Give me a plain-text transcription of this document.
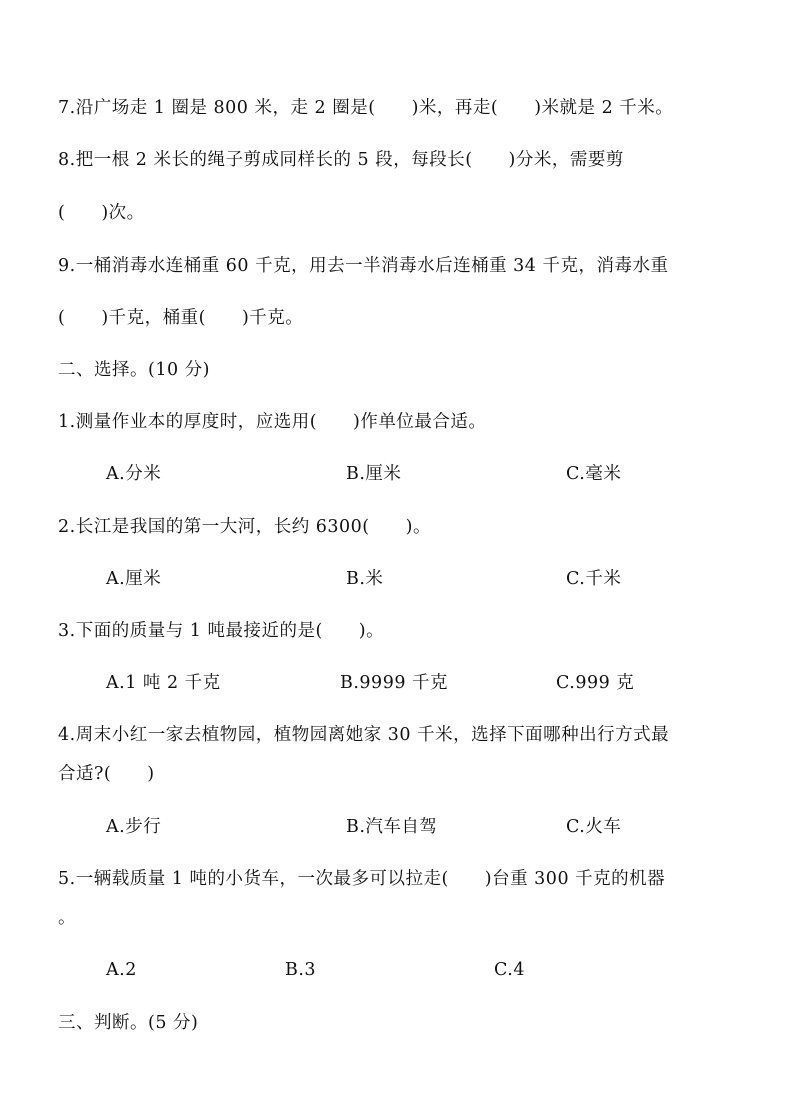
7.沿广场走 1 圈是 800 米，走 2 圈是(　　)米，再走(　　)米就是 2 千米。
8.把一根 2 米长的绳子剪成同样长的 5 段，每段长(　　)分米，需要剪
(　　)次。
9.一桶消毒水连桶重 60 千克，用去一半消毒水后连桶重 34 千克，消毒水重
(　　)千克，桶重(　　)千克。
二、选择。(10 分)
1.测量作业本的厚度时，应选用(　　)作单位最合适。
A.分米	B.厘米	C.毫米
2.长江是我国的第一大河，长约 6300(　　)。
A.厘米	B.米	C.千米
3.下面的质量与 1 吨最接近的是(　　)。
A.1 吨 2 千克	B.9999 千克	C.999 克
4.周末小红一家去植物园，植物园离她家 30 千米，选择下面哪种出行方式最
合适?(　　)
A.步行	B.汽车自驾	C.火车
5.一辆载质量 1 吨的小货车，一次最多可以拉走(　　)台重 300 千克的机器
。
A.2	B.3	C.4
三、判断。(5 分)
